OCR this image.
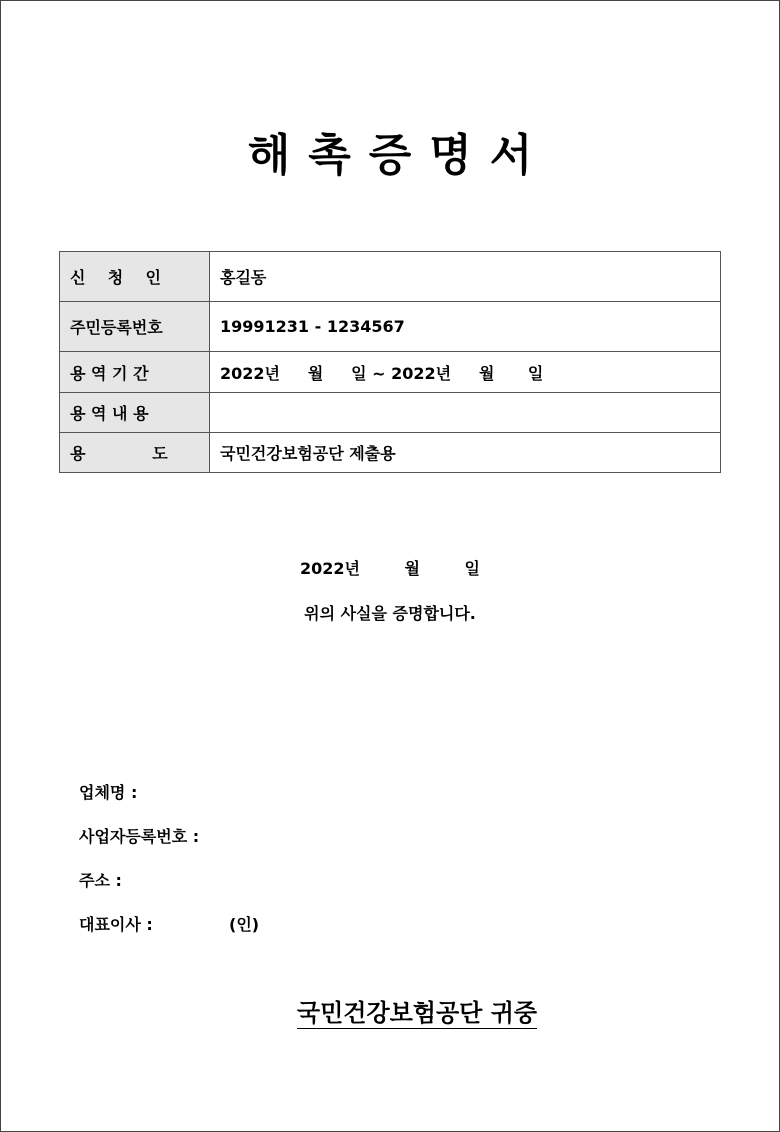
해촉증명서
신    청    인	홍길동
주민등록번호	19991231 - 1234567
용 역 기 간	2022년     월     일 ~ 2022년     월      일
용 역 내 용	
용            도	국민건강보험공단 제출용
2022년        월        일
위의 사실을 증명합니다.
업체명 :
사업자등록번호 :
주소 :
대표이사 :	(인)
국민건강보험공단 귀중
